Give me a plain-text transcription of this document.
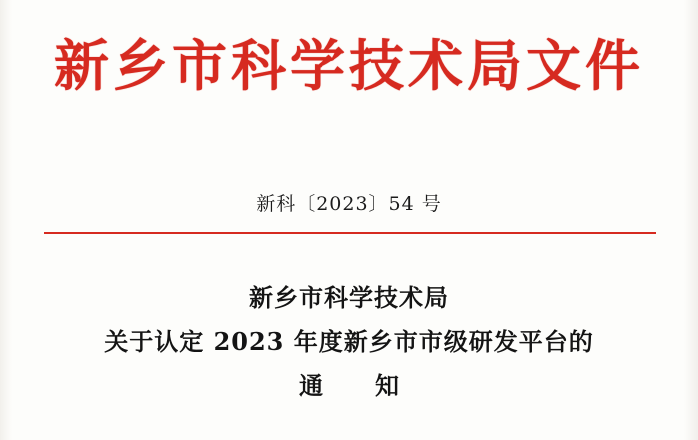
新乡市科学技术局文件
新科〔2023〕54 号
新乡市科学技术局
关于认定 2023 年度新乡市市级研发平台的
通　知
